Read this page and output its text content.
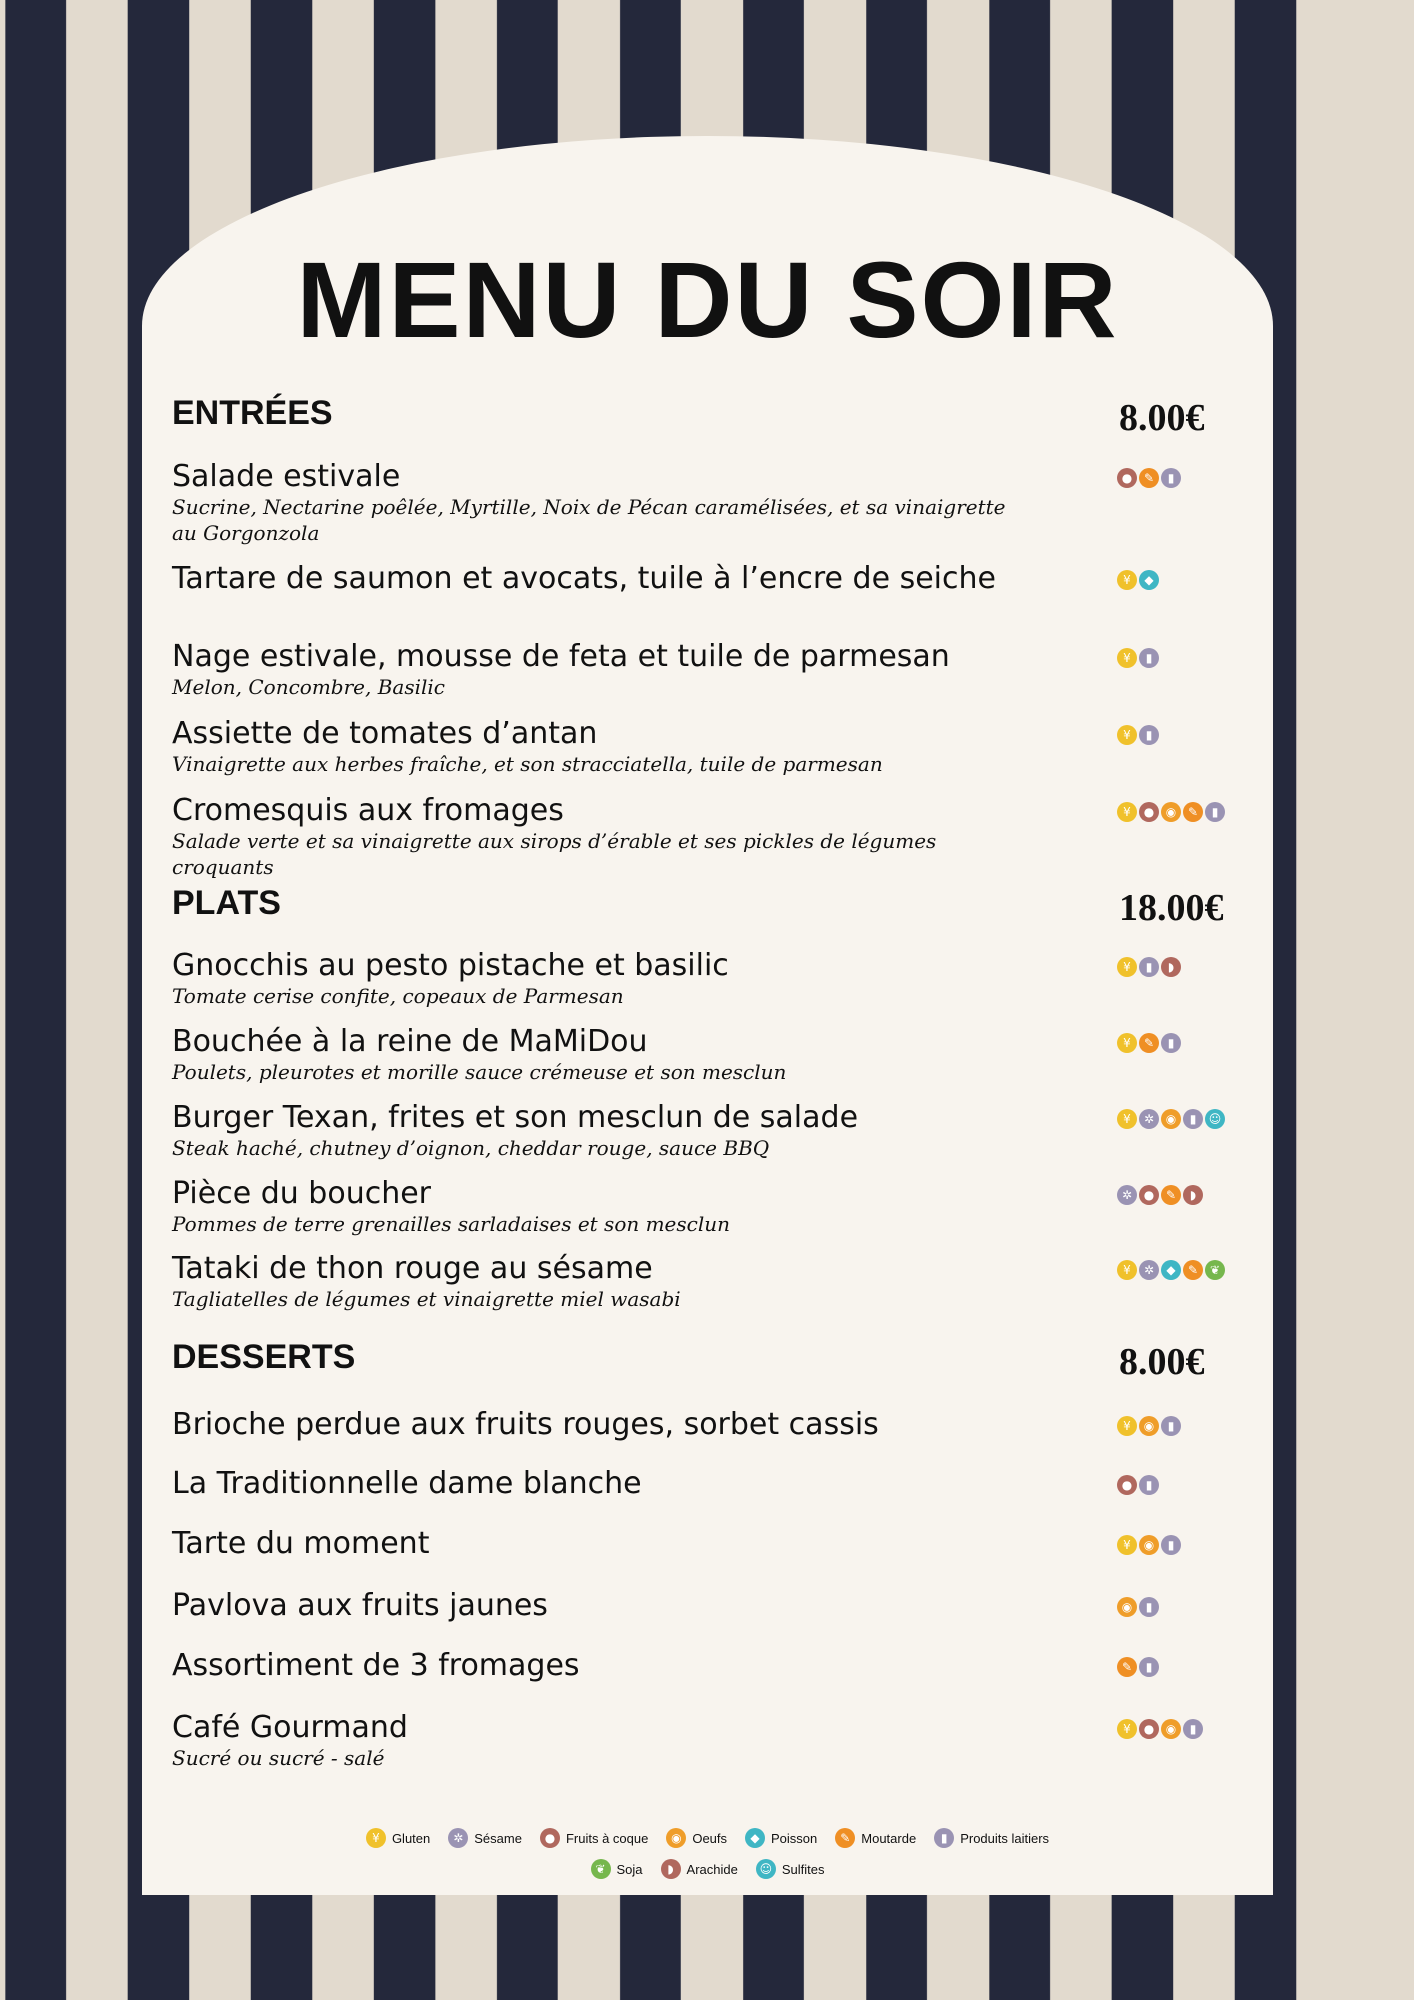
MENU DU SOIR
ENTRÉES	8.00€
Salade estivale
Sucrine, Nectarine poêlée, Myrtille, Noix de Pécan caramélisées, et sa vinaigrette au Gorgonzola
● ✎	▮
Tartare de saumon et avocats, tuile à l’encre de seiche	¥	◆
Nage estivale, mousse de feta et tuile de parmesan
Melon, Concombre, Basilic
¥	▮
Assiette de tomates d’antan
Vinaigrette aux herbes fraîche, et son stracciatella, tuile de parmesan
¥	▮
Cromesquis aux fromages
Salade verte et sa vinaigrette aux sirops d’érable et ses pickles de légumes croquants
¥	● ◉ ✎	▮
PLATS	18.00€
Gnocchis au pesto pistache et basilic
Tomate cerise confite, copeaux de Parmesan
¥	▮	◗
Bouchée à la reine de MaMiDou
Poulets, pleurotes et morille sauce crémeuse et son mesclun
¥	✎	▮
Burger Texan, frites et son mesclun de salade
Steak haché, chutney d’oignon, cheddar rouge, sauce BBQ
¥	✲ ◉	▮	☺
Pièce du boucher
Pommes de terre grenailles sarladaises et son mesclun
✲ ● ✎	◗
Tataki de thon rouge au sésame
Tagliatelles de légumes et vinaigrette miel wasabi
¥	✲	◆	✎ ❦
DESSERTS	8.00€
Brioche perdue aux fruits rouges, sorbet cassis	¥	◉	▮
La Traditionnelle dame blanche	●	▮
Tarte du moment	¥	◉	▮
Pavlova aux fruits jaunes	◉	▮
Assortiment de 3 fromages	✎	▮
Café Gourmand
Sucré ou sucré - salé
¥	● ◉	▮
¥ Gluten	✲ Sésame	● Fruits à coque	◉ Oeufs	◆ Poisson	✎ Moutarde	▮ Produits laitiers
❦ Soja	◗ Arachide	☺ Sulfites
